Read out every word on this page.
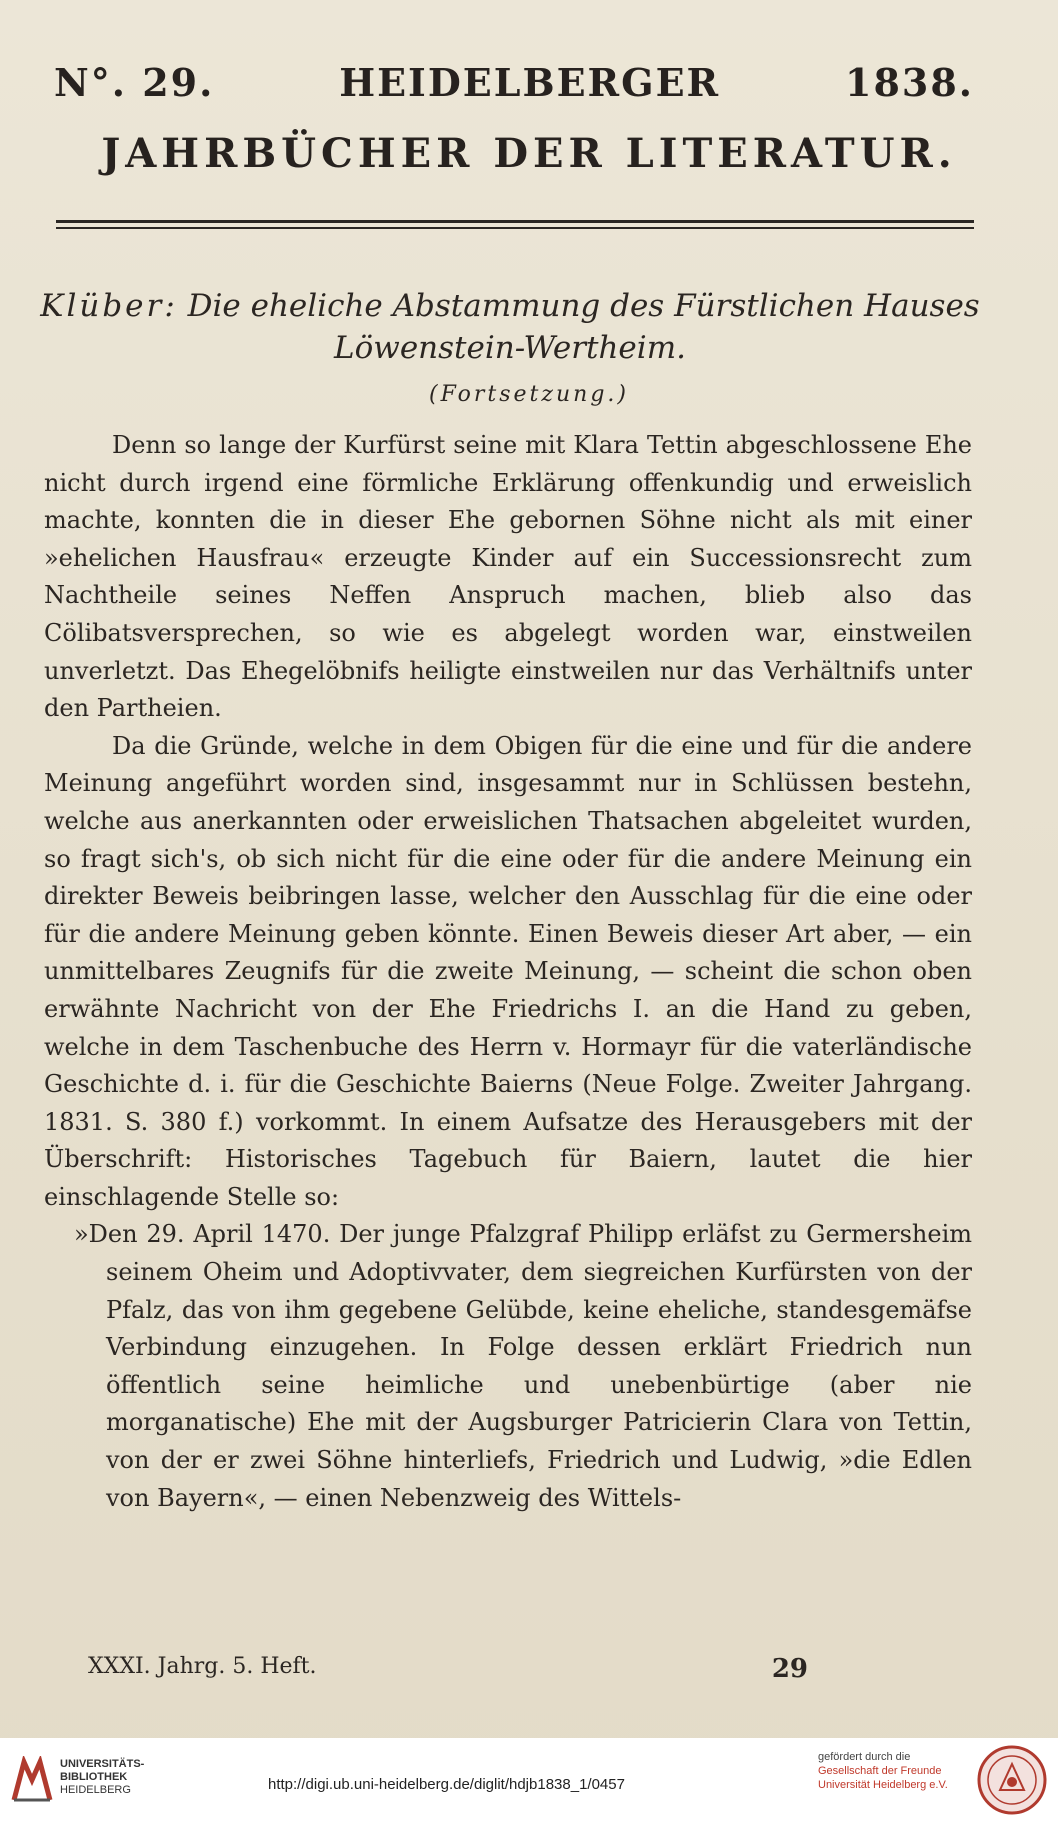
N°. 29.	HEIDELBERGER	1838.
JAHRBÜCHER DER LITERATUR.
Klüber: Die eheliche Abstammung des Fürstlichen Hauses
Löwenstein-Wertheim.
(Fortsetzung.)

Denn so lange der Kurfürst seine mit Klara Tettin abgeschlossene Ehe nicht durch irgend eine förmliche Erklärung offenkundig und erweislich machte, konnten die in dieser Ehe gebornen Söhne nicht als mit einer »ehelichen Hausfrau« erzeugte Kinder auf ein Successionsrecht zum Nachtheile seines Neffen Anspruch machen, blieb also das Cölibatsversprechen, so wie es abgelegt worden war, einstweilen unverletzt. Das Ehegelöbnifs heiligte einstweilen nur das Verhältnifs unter den Partheien.

Da die Gründe, welche in dem Obigen für die eine und für die andere Meinung angeführt worden sind, insgesammt nur in Schlüssen bestehn, welche aus anerkannten oder erweislichen Thatsachen abgeleitet wurden, so fragt sich's, ob sich nicht für die eine oder für die andere Meinung ein direkter Beweis beibringen lasse, welcher den Ausschlag für die eine oder für die andere Meinung geben könnte. Einen Beweis dieser Art aber, — ein unmittelbares Zeugnifs für die zweite Meinung, — scheint die schon oben erwähnte Nachricht von der Ehe Friedrichs I. an die Hand zu geben, welche in dem Taschenbuche des Herrn v. Hormayr für die vaterländische Geschichte d. i. für die Geschichte Baierns (Neue Folge. Zweiter Jahrgang. 1831. S. 380 f.) vorkommt. In einem Aufsatze des Herausgebers mit der Überschrift: Historisches Tagebuch für Baiern, lautet die hier einschlagende Stelle so:

»Den 29. April 1470. Der junge Pfalzgraf Philipp erläfst zu Germersheim seinem Oheim und Adoptivvater, dem siegreichen Kurfürsten von der Pfalz, das von ihm gegebene Gelübde, keine eheliche, standesgemäfse Verbindung einzugehen. In Folge dessen erklärt Friedrich nun öffentlich seine heimliche und unebenbürtige (aber nie morganatische) Ehe mit der Augsburger Patricierin Clara von Tettin, von der er zwei Söhne hinterliefs, Friedrich und Ludwig, »die Edlen von Bayern«, — einen Nebenzweig des Wittels-

XXXI. Jahrg. 5. Heft.	29
UNIVERSITÄTS-
BIBLIOTHEK
HEIDELBERG	http://digi.ub.uni-heidelberg.de/diglit/hdjb1838_1/0457
gefördert durch die
Gesellschaft der Freunde
Universität Heidelberg e.V.
